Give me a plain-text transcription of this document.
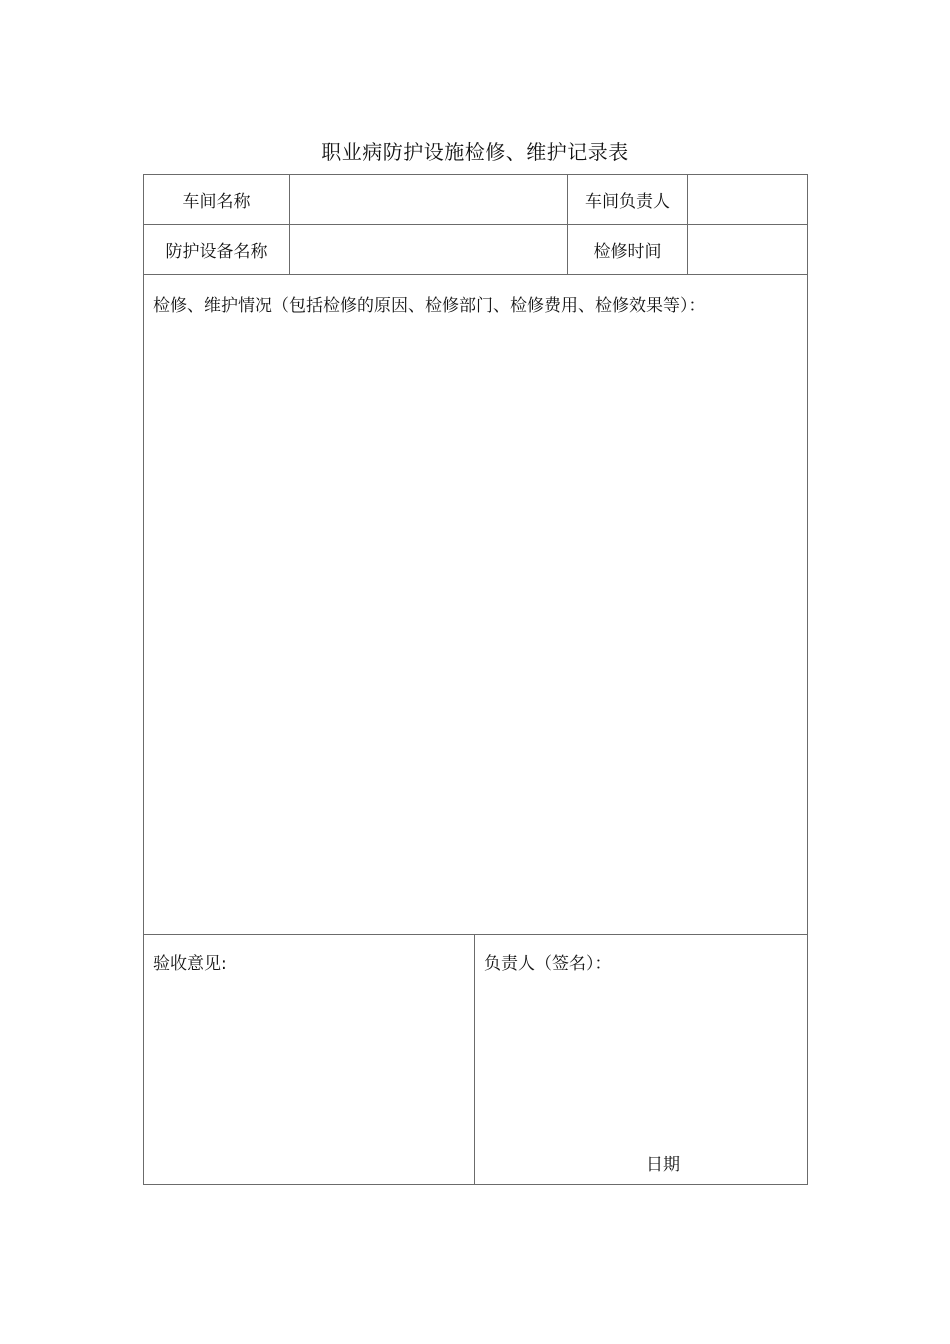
职业病防护设施检修、维护记录表
车间名称			车间负责人	
防护设备名称			检修时间	

检修、维护情况（包括检修的原因、检修部门、检修费用、检修效果等）：				

验收意见:		负责人（签名）：
日期		
